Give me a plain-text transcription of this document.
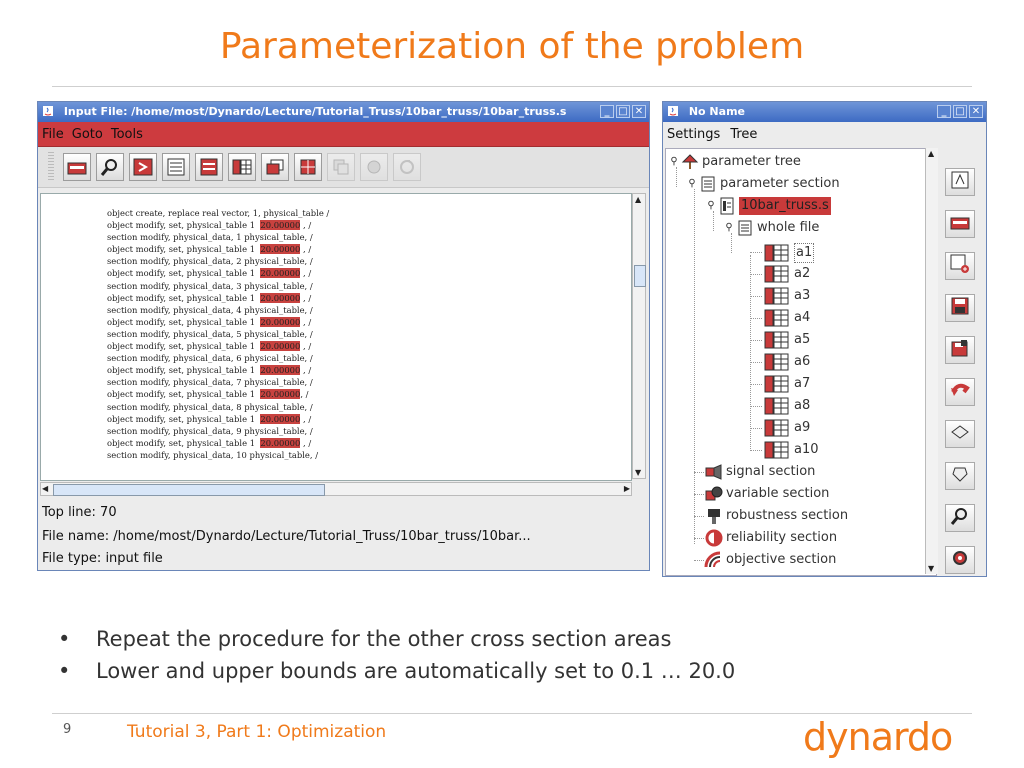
Parameterization of the problem
Input File: /home/most/Dynardo/Lecture/Tutorial_Truss/10bar_truss/10bar_truss.s	_ □ ✕
File Goto Tools
object create, replace real vector, 1, physical_table /
object modify, set, physical_table 1  20.00000 , /
section modify, physical_data, 1 physical_table, /
object modify, set, physical_table 1  20.00000 , /
section modify, physical_data, 2 physical_table, /
object modify, set, physical_table 1  20.00000 , /
section modify, physical_data, 3 physical_table, /
object modify, set, physical_table 1  20.00000 , /
section modify, physical_data, 4 physical_table, /
object modify, set, physical_table 1  20.00000 , /
section modify, physical_data, 5 physical_table, /
object modify, set, physical_table 1  20.00000 , /
section modify, physical_data, 6 physical_table, /
object modify, set, physical_table 1  20.00000 , /
section modify, physical_data, 7 physical_table, /
object modify, set, physical_table 1  20.00000, /
section modify, physical_data, 8 physical_table, /
object modify, set, physical_table 1  20.00000 , /
section modify, physical_data, 9 physical_table, /
object modify, set, physical_table 1  20.00000 , /
section modify, physical_data, 10 physical_table, /
▲
▼
◀	▶
Top line: 70
File name: /home/most/Dynardo/Lecture/Tutorial_Truss/10bar_truss/10bar...
File type: input file
No Name	_ □ ✕
Settings Tree
⚲ parameter tree
⚲ parameter section
⚲ 10bar_truss.s
⚲ whole file
a1
a2
a3
a4
a5
a6
a7
a8
a9
a10
signal section
variable section
robustness section
reliability section
objective section
▲
▼
• Repeat the procedure for the other cross section areas
• Lower and upper bounds are automatically set to 0.1 … 20.0
9	Tutorial 3, Part 1: Optimization	dynardo
